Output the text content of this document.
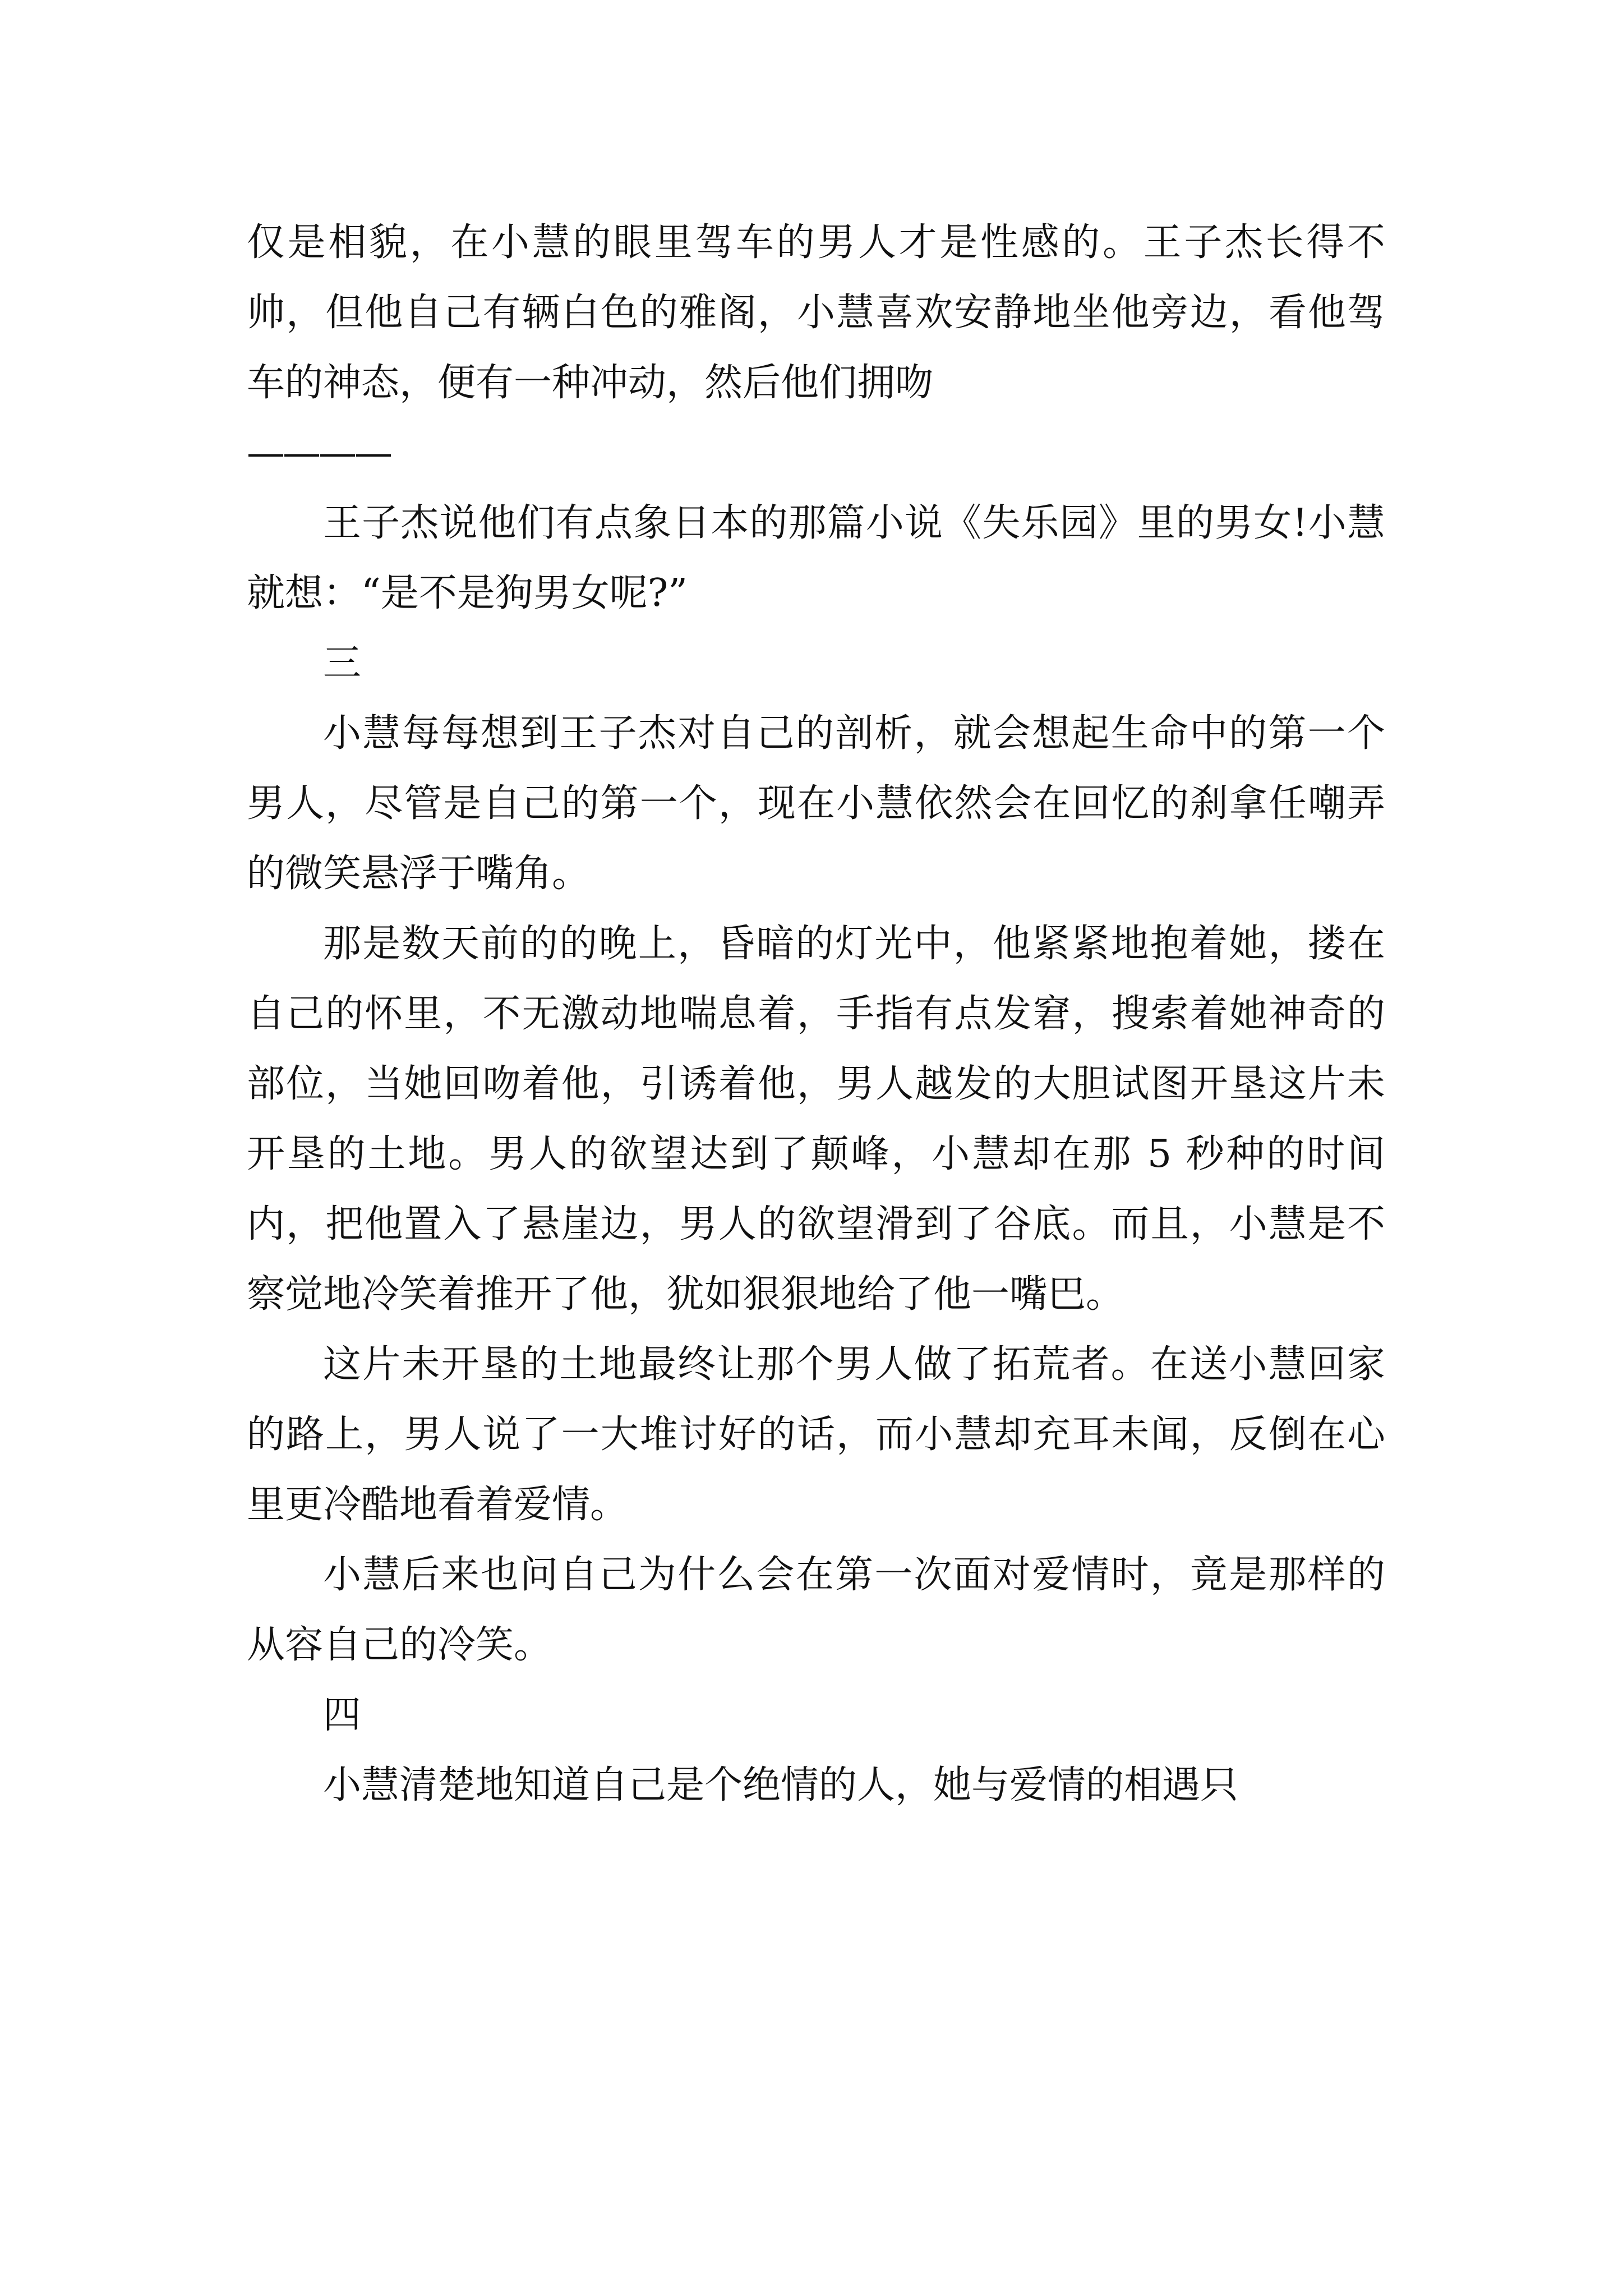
仅是相貌，在小慧的眼里驾车的男人才是性感的。王子杰长得不帅，但他自己有辆白色的雅阁，小慧喜欢安静地坐他旁边，看他驾车的神态，便有一种冲动，然后他们拥吻

————

王子杰说他们有点象日本的那篇小说《失乐园》里的男女!小慧就想：“是不是狗男女呢?”

三

小慧每每想到王子杰对自己的剖析，就会想起生命中的第一个男人，尽管是自己的第一个，现在小慧依然会在回忆的刹拿任嘲弄的微笑悬浮于嘴角。

那是数天前的的晚上，昏暗的灯光中，他紧紧地抱着她，搂在自己的怀里，不无激动地喘息着，手指有点发窘，搜索着她神奇的部位，当她回吻着他，引诱着他，男人越发的大胆试图开垦这片未开垦的土地。男人的欲望达到了颠峰，小慧却在那 5 秒种的时间内，把他置入了悬崖边，男人的欲望滑到了谷底。而且，小慧是不察觉地冷笑着推开了他，犹如狠狠地给了他一嘴巴。

这片未开垦的土地最终让那个男人做了拓荒者。在送小慧回家的路上，男人说了一大堆讨好的话，而小慧却充耳未闻，反倒在心里更冷酷地看着爱情。

小慧后来也问自己为什么会在第一次面对爱情时，竟是那样的从容自己的冷笑。

四

小慧清楚地知道自己是个绝情的人，她与爱情的相遇只
